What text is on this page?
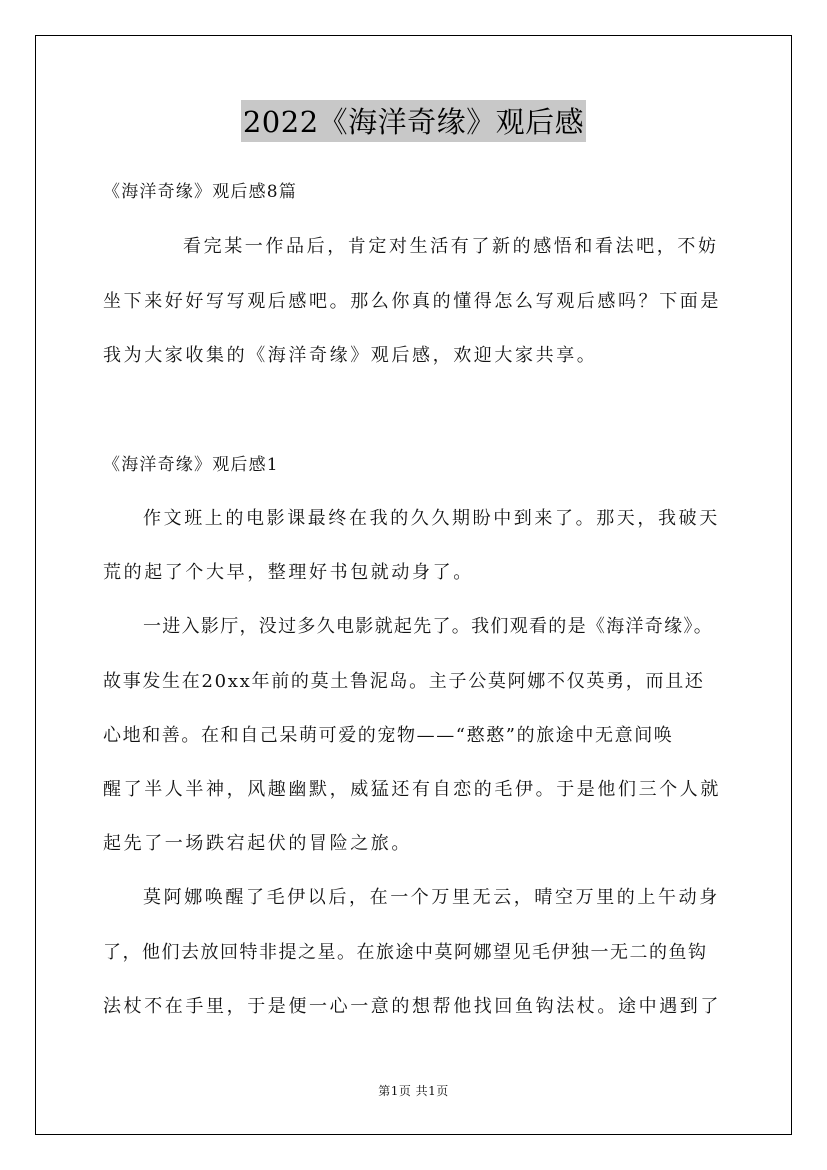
2022《海洋奇缘》观后感
《海洋奇缘》观后感8篇
看完某一作品后，肯定对生活有了新的感悟和看法吧，不妨
坐下来好好写写观后感吧。那么你真的懂得怎么写观后感吗？下面是
我为大家收集的《海洋奇缘》观后感，欢迎大家共享。
《海洋奇缘》观后感1
作文班上的电影课最终在我的久久期盼中到来了。那天，我破天
荒的起了个大早，整理好书包就动身了。
一进入影厅，没过多久电影就起先了。我们观看的是《海洋奇缘》。
故事发生在20xx年前的莫土鲁泥岛。主子公莫阿娜不仅英勇，而且还
心地和善。在和自己呆萌可爱的宠物——“憨憨”的旅途中无意间唤
醒了半人半神，风趣幽默，威猛还有自恋的毛伊。于是他们三个人就
起先了一场跌宕起伏的冒险之旅。
莫阿娜唤醒了毛伊以后，在一个万里无云，晴空万里的上午动身
了，他们去放回特非提之星。在旅途中莫阿娜望见毛伊独一无二的鱼钩
法杖不在手里，于是便一心一意的想帮他找回鱼钩法杖。途中遇到了
第1页 共1页
